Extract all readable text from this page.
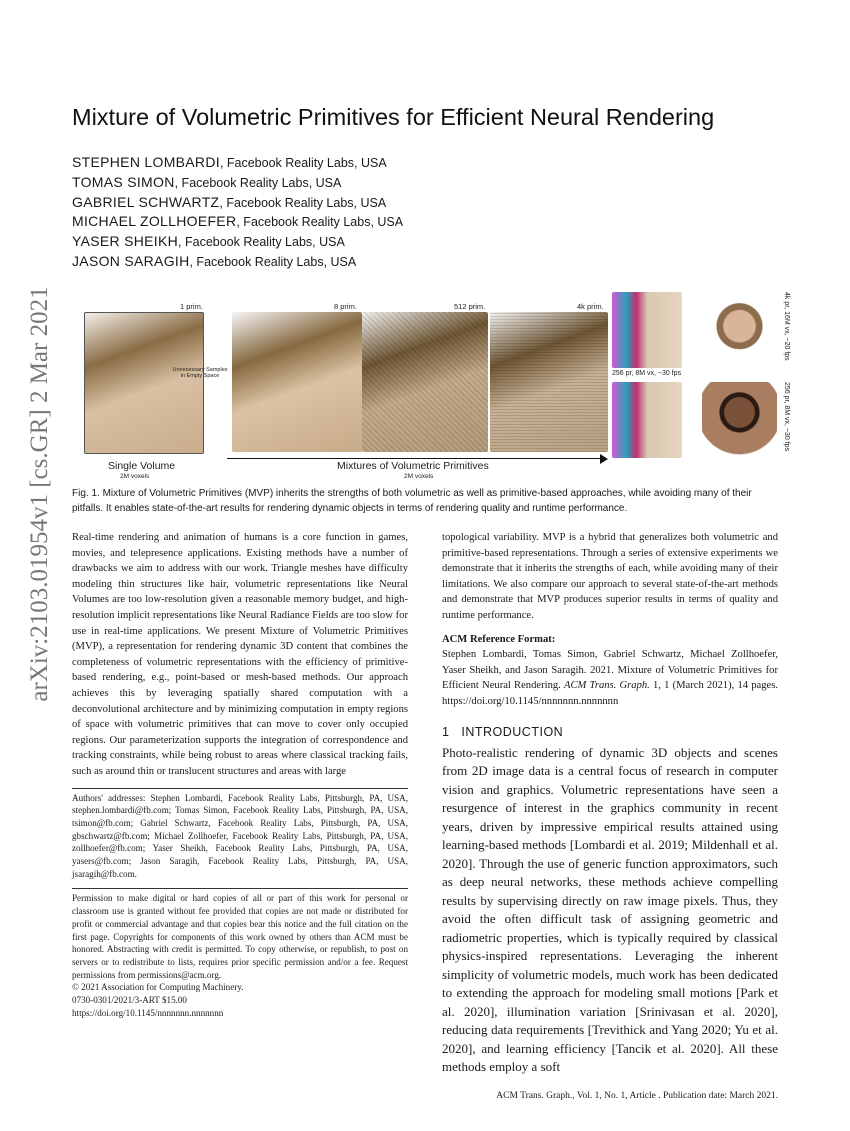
arXiv:2103.01954v1 [cs.GR] 2 Mar 2021
Mixture of Volumetric Primitives for Efficient Neural Rendering
STEPHEN LOMBARDI, Facebook Reality Labs, USA
TOMAS SIMON, Facebook Reality Labs, USA
GABRIEL SCHWARTZ, Facebook Reality Labs, USA
MICHAEL ZOLLHOEFER, Facebook Reality Labs, USA
YASER SHEIKH, Facebook Reality Labs, USA
JASON SARAGIH, Facebook Reality Labs, USA
1 prim.	8 prim.	512 prim.	4k prim.
Unnecessary Samples in Empty Space	256 pr, 8M vx, ~30 fps
4k pr, 16M vx, ~20 fps
256 pr, 8M vx, ~30 fps
Single Volume
2M voxels
Mixtures of Volumetric Primitives
2M voxels
Fig. 1. Mixture of Volumetric Primitives (MVP) inherits the strengths of both volumetric as well as primitive-based approaches, while avoiding many of their pitfalls. It enables state-of-the-art results for rendering dynamic objects in terms of rendering quality and runtime performance.
Real-time rendering and animation of humans is a core function in games, movies, and telepresence applications. Existing methods have a number of drawbacks we aim to address with our work. Triangle meshes have difficulty modeling thin structures like hair, volumetric representations like Neural Volumes are too low-resolution given a reasonable memory budget, and high-resolution implicit representations like Neural Radiance Fields are too slow for use in real-time applications. We present Mixture of Volumetric Primitives (MVP), a representation for rendering dynamic 3D content that combines the completeness of volumetric representations with the efficiency of primitive-based rendering, e.g., point-based or mesh-based methods. Our approach achieves this by leveraging spatially shared computation with a deconvolutional architecture and by minimizing computation in empty regions of space with volumetric primitives that can move to cover only occupied regions. Our parameterization supports the integration of correspondence and tracking constraints, while being robust to areas where classical tracking fails, such as around thin or translucent structures and areas with large
Authors' addresses: Stephen Lombardi, Facebook Reality Labs, Pittsburgh, PA, USA, stephen.lombardi@fb.com; Tomas Simon, Facebook Reality Labs, Pittsburgh, PA, USA, tsimon@fb.com; Gabriel Schwartz, Facebook Reality Labs, Pittsburgh, PA, USA, gbschwartz@fb.com; Michael Zollhoefer, Facebook Reality Labs, Pittsburgh, PA, USA, zollhoefer@fb.com; Yaser Sheikh, Facebook Reality Labs, Pittsburgh, PA, USA, yasers@fb.com; Jason Saragih, Facebook Reality Labs, Pittsburgh, PA, USA, jsaragih@fb.com.
Permission to make digital or hard copies of all or part of this work for personal or classroom use is granted without fee provided that copies are not made or distributed for profit or commercial advantage and that copies bear this notice and the full citation on the first page. Copyrights for components of this work owned by others than ACM must be honored. Abstracting with credit is permitted. To copy otherwise, or republish, to post on servers or to redistribute to lists, requires prior specific permission and/or a fee. Request permissions from permissions@acm.org.
© 2021 Association for Computing Machinery.
0730-0301/2021/3-ART $15.00
https://doi.org/10.1145/nnnnnnn.nnnnnnn
topological variability. MVP is a hybrid that generalizes both volumetric and primitive-based representations. Through a series of extensive experiments we demonstrate that it inherits the strengths of each, while avoiding many of their limitations. We also compare our approach to several state-of-the-art methods and demonstrate that MVP produces superior results in terms of quality and runtime performance.

ACM Reference Format:

Stephen Lombardi, Tomas Simon, Gabriel Schwartz, Michael Zollhoefer, Yaser Sheikh, and Jason Saragih. 2021. Mixture of Volumetric Primitives for Efficient Neural Rendering. ACM Trans. Graph. 1, 1 (March 2021), 14 pages. https://doi.org/10.1145/nnnnnnn.nnnnnnn

1   INTRODUCTION
Photo-realistic rendering of dynamic 3D objects and scenes from 2D image data is a central focus of research in computer vision and graphics. Volumetric representations have seen a resurgence of interest in the graphics community in recent years, driven by impressive empirical results attained using learning-based methods [Lombardi et al. 2019; Mildenhall et al. 2020]. Through the use of generic function approximators, such as deep neural networks, these methods achieve compelling results by supervising directly on raw image pixels. Thus, they avoid the often difficult task of assigning geometric and radiometric properties, which is typically required by classical physics-inspired representations. Leveraging the inherent simplicity of volumetric models, much work has been dedicated to extending the approach for modeling small motions [Park et al. 2020], illumination variation [Srinivasan et al. 2020], reducing data requirements [Trevithick and Yang 2020; Yu et al. 2020], and learning efficiency [Tancik et al. 2020]. All these methods employ a soft
ACM Trans. Graph., Vol. 1, No. 1, Article . Publication date: March 2021.
